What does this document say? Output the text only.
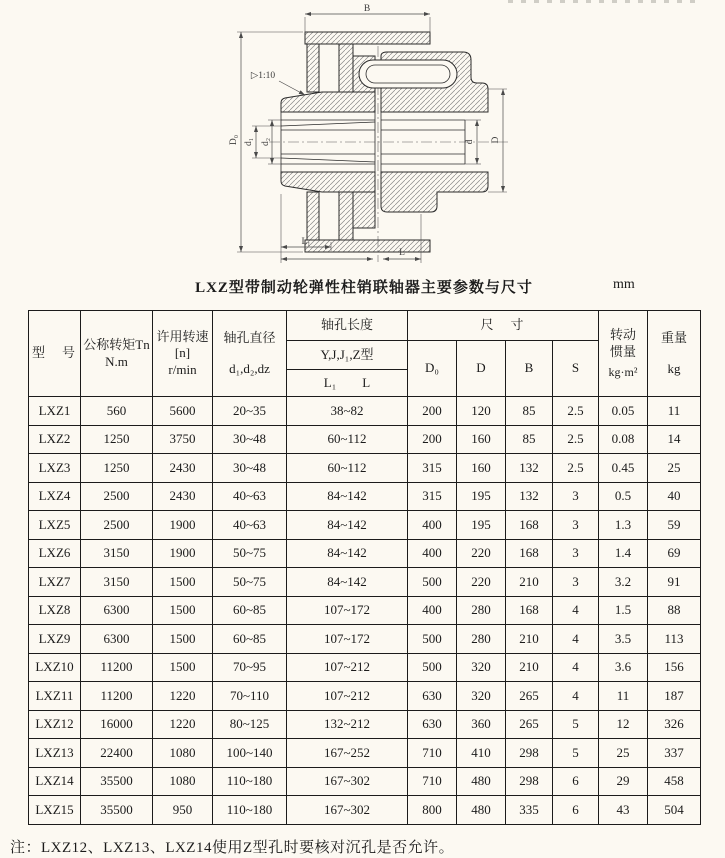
B
▷1:10
D₀ d₁ d₂	d D
L₁
L
LXZ型带制动轮弹性柱销联轴器主要参数与尺寸	mm
型　号

公称转矩Tn
N.m

许用转速
[n]
r/min

轴孔直径
d₁,d₂,dz
	轴孔长度	尺　寸	
转动
惯量
kg·m²

重量
kg

				Y,J,J₁,Z型	D₀	D	B	S		
				L₁ L						
LXZ1	560	5600	20~35	38~82	200	120	85	2.5	0.05	11
LXZ2	1250	3750	30~48	60~112	200	160	85	2.5	0.08	14
LXZ3	1250	2430	30~48	60~112	315	160	132	2.5	0.45	25
LXZ4	2500	2430	40~63	84~142	315	195	132	3	0.5	40
LXZ5	2500	1900	40~63	84~142	400	195	168	3	1.3	59
LXZ6	3150	1900	50~75	84~142	400	220	168	3	1.4	69
LXZ7	3150	1500	50~75	84~142	500	220	210	3	3.2	91
LXZ8	6300	1500	60~85	107~172	400	280	168	4	1.5	88
LXZ9	6300	1500	60~85	107~172	500	280	210	4	3.5	113
LXZ10	11200	1500	70~95	107~212	500	320	210	4	3.6	156
LXZ11	11200	1220	70~110	107~212	630	320	265	4	11	187
LXZ12	16000	1220	80~125	132~212	630	360	265	5	12	326
LXZ13	22400	1080	100~140	167~252	710	410	298	5	25	337
LXZ14	35500	1080	110~180	167~302	710	480	298	6	29	458
LXZ15	35500	950	110~180	167~302	800	480	335	6	43	504
注：LXZ12、LXZ13、LXZ14使用Z型孔时要核对沉孔是否允许。
